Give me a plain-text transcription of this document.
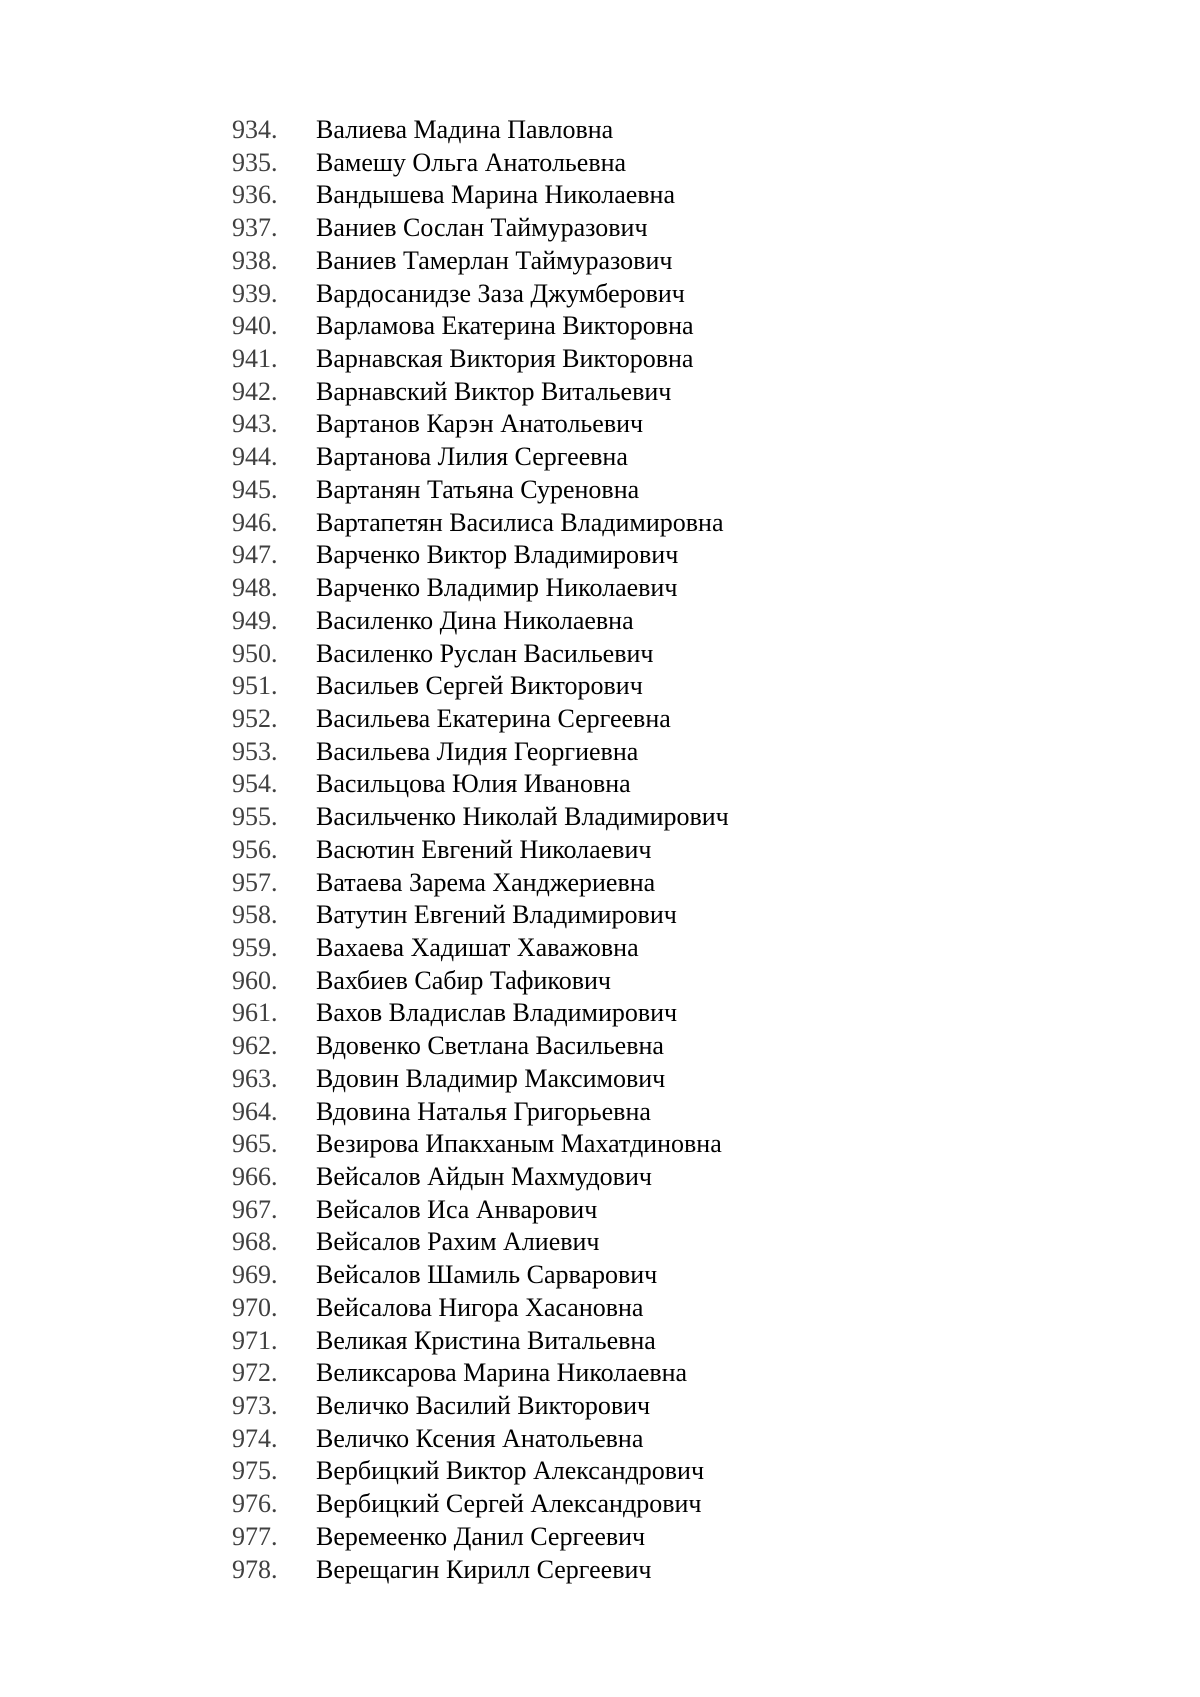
934. Валиева Мадина Павловна
935. Вамешу Ольга Анатольевна
936. Вандышева Марина Николаевна
937. Ваниев Сослан Таймуразович
938. Ваниев Тамерлан Таймуразович
939. Вардосанидзе Заза Джумберович
940. Варламова Екатерина Викторовна
941. Варнавская Виктория Викторовна
942. Варнавский Виктор Витальевич
943. Вартанов Карэн Анатольевич
944. Вартанова Лилия Сергеевна
945. Вартанян Татьяна Суреновна
946. Вартапетян Василиса Владимировна
947. Варченко Виктор Владимирович
948. Варченко Владимир Николаевич
949. Василенко Дина Николаевна
950. Василенко Руслан Васильевич
951. Васильев Сергей Викторович
952. Васильева Екатерина Сергеевна
953. Васильева Лидия Георгиевна
954. Васильцова Юлия Ивановна
955. Васильченко Николай Владимирович
956. Васютин Евгений Николаевич
957. Ватаева Зарема Ханджериевна
958. Ватутин Евгений Владимирович
959. Вахаева Хадишат Хаважовна
960. Вахбиев Сабир Тафикович
961. Вахов Владислав Владимирович
962. Вдовенко Светлана Васильевна
963. Вдовин Владимир Максимович
964. Вдовина Наталья Григорьевна
965. Везирова Ипакханым Махатдиновна
966. Вейсалов Айдын Махмудович
967. Вейсалов Иса Анварович
968. Вейсалов Рахим Алиевич
969. Вейсалов Шамиль Сарварович
970. Вейсалова Нигора Хасановна
971. Великая Кристина Витальевна
972. Великсарова Марина Николаевна
973. Величко Василий Викторович
974. Величко Ксения Анатольевна
975. Вербицкий Виктор Александрович
976. Вербицкий Сергей Александрович
977. Веремеенко Данил Сергеевич
978. Верещагин Кирилл Сергеевич
